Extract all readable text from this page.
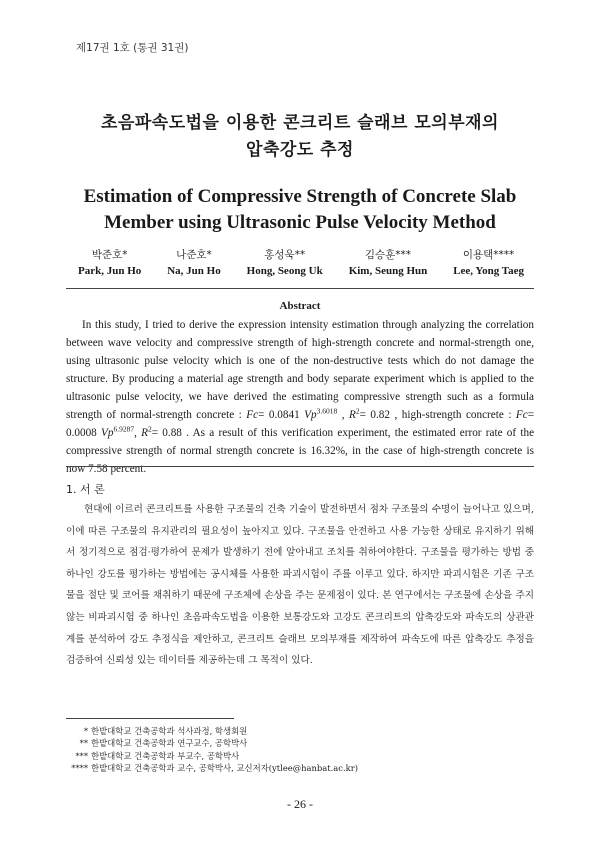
제17권 1호 (통권 31권)
초음파속도법을 이용한 콘크리트 슬래브 모의부재의
압축강도 추정
Estimation of Compressive Strength of Concrete Slab
Member using Ultrasonic Pulse Velocity Method
박준호*
Park, Jun Ho
나준호*
Na, Jun Ho
홍성욱**
Hong, Seong Uk
김승훈***
Kim, Seung Hun
이용택****
Lee, Yong Taeg
Abstract
In this study, I tried to derive the expression intensity estimation through analyzing the correlation between wave velocity and compressive strength of high-strength concrete and normal-strength one, using ultrasonic pulse velocity which is one of the non-destructive tests which do not damage the structure. By producing a material age strength and body separate experiment which is applied to the ultrasonic pulse velocity, we have derived the estimating compressive strength such as a formula strength of normal-strength concrete : Fc= 0.0841 $Vp^{3.6018}$ , $R^2= 0.82$ , high-strength concrete : Fc= 0.0008 $Vp^{6.9287}$, $R^2= 0.88$ . As a result of this verification experiment, the estimated error rate of the compressive strength of normal strength concrete is 16.32%, in the case of high-strength concrete is now 7.58 percent.
1. 서 론
현대에 이르러 콘크리트를 사용한 구조물의 건축 기술이 발전하면서 점차 구조물의 수명이 늘어나고 있으며, 이에 따른 구조물의 유지관리의 필요성이 높아지고 있다. 구조물을 안전하고 사용 가능한 상태로 유지하기 위해서 정기적으로 점검·평가하여 문제가 발생하기 전에 알아내고 조치를 취하여야한다. 구조물을 평가하는 방법 중 하나인 강도를 평가하는 방법에는 공시체를 사용한 파괴시험이 주를 이루고 있다. 하지만 파괴시험은 기존 구조물을 절단 및 코어를 채취하기 때문에 구조체에 손상을 주는 문제점이 있다. 본 연구에서는 구조물에 손상을 주지 않는 비파괴시험 중 하나인 초음파속도법을 이용한 보통강도와 고강도 콘크리트의 압축강도와 파속도의 상관관계를 분석하여 강도 추정식을 제안하고, 콘크리트 슬래브 모의부재를 제작하여 파속도에 따른 압축강도 추정을 검증하여 신뢰성 있는 데이터를 제공하는데 그 목적이 있다.
* 한밭대학교 건축공학과 석사과정, 학생회원
** 한밭대학교 건축공학과 연구교수, 공학박사
*** 한밭대학교 건축공학과 부교수, 공학박사
**** 한밭대학교 건축공학과 교수, 공학박사, 교신저자(ytlee@hanbat.ac.kr)
- 26 -
